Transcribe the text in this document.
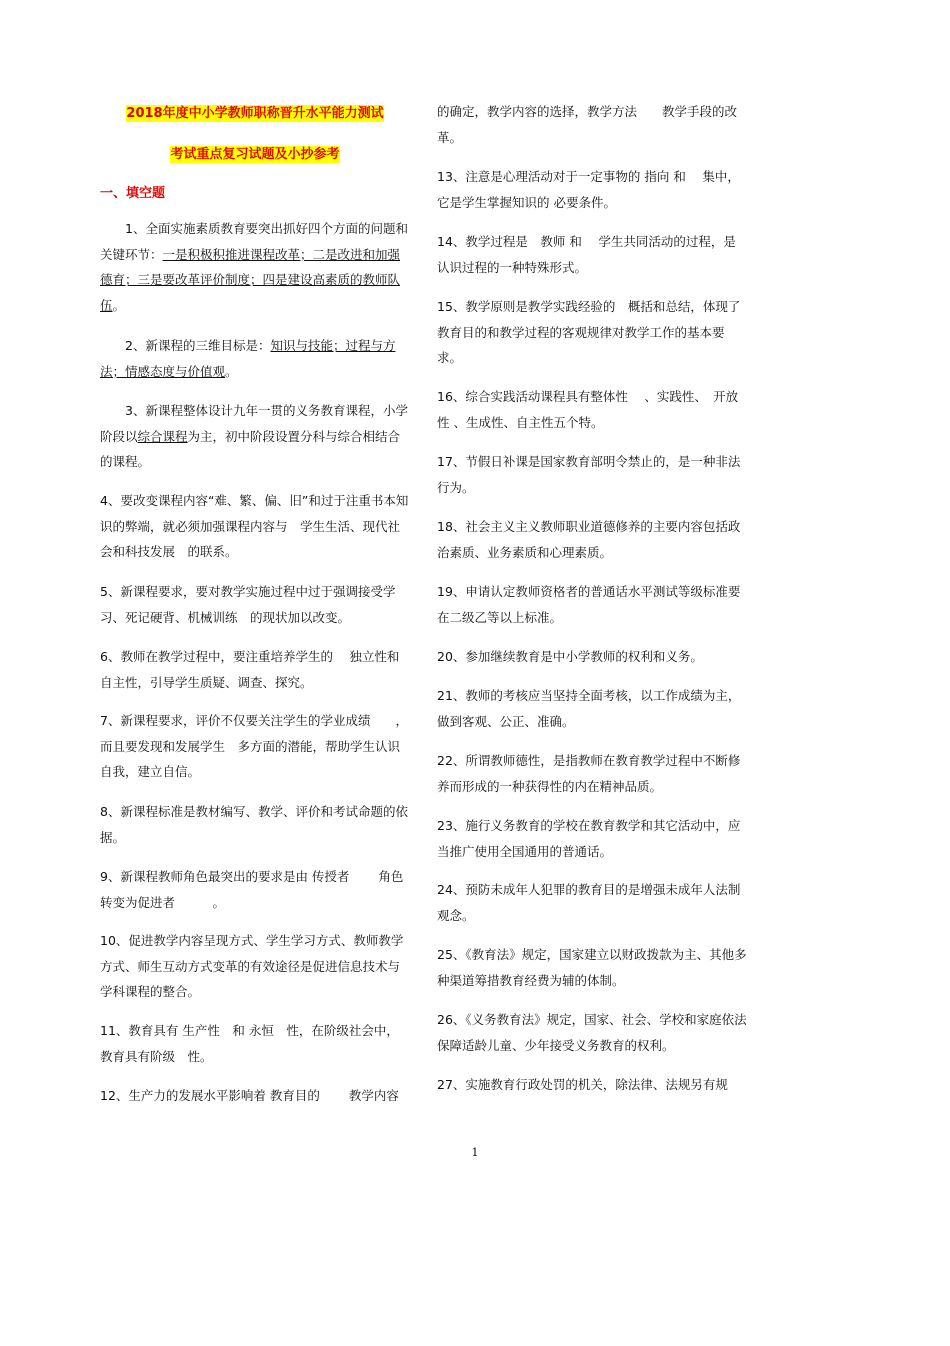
2018年度中小学教师职称晋升水平能力测试
考试重点复习试题及小抄参考
一、填空题

1、全面实施素质教育要突出抓好四个方面的问题和关键环节：一是积极积推进课程改革；二是改进和加强德育；三是要改革评价制度；四是建设高素质的教师队伍。

2、新课程的三维目标是：知识与技能；过程与方法；情感态度与价值观。

3、新课程整体设计九年一贯的义务教育课程，小学阶段以综合课程为主，初中阶段设置分科与综合相结合的课程。

4、要改变课程内容“难、繁、偏、旧”和过于注重书本知识的弊端，就必须加强课程内容与　学生生活、现代社会和科技发展　的联系。

5、新课程要求，要对教学实施过程中过于强调接受学习、死记硬背、机械训练　的现状加以改变。

6、教师在教学过程中，要注重培养学生的　 独立性和自主性，引导学生质疑、调查、探究。

7、新课程要求，评价不仅要关注学生的学业成绩　　，而且要发现和发展学生　多方面的潜能，帮助学生认识自我，建立自信。

8、新课程标准是教材编写、教学、评价和考试命题的依据。

9、新课程教师角色最突出的要求是由 传授者　　 角色转变为促进者　　　。

10、促进教学内容呈现方式、学生学习方式、教师教学方式、师生互动方式变革的有效途径是促进信息技术与学科课程的整合。

11、教育具有 生产性　和 永恒　性，在阶级社会中，教育具有阶级　性。

12、生产力的发展水平影响着 教育目的　　 教学内容

的确定，教学内容的选择，教学方法　　教学手段的改革。

13、注意是心理活动对于一定事物的 指向 和　 集中，它是学生掌握知识的 必要条件。

14、教学过程是　教师 和　 学生共同活动的过程，是认识过程的一种特殊形式。

15、教学原则是教学实践经验的　概括和总结，体现了教育目的和教学过程的客观规律对教学工作的基本要求。

16、综合实践活动课程具有整体性　 、实践性、　开放性 、生成性、自主性五个特。

17、节假日补课是国家教育部明令禁止的，是一种非法行为。

18、社会主义主义教师职业道德修养的主要内容包括政治素质、业务素质和心理素质。

19、申请认定教师资格者的普通话水平测试等级标准要在二级乙等以上标准。

20、参加继续教育是中小学教师的权利和义务。

21、教师的考核应当坚持全面考核，以工作成绩为主，做到客观、公正、准确。

22、所谓教师德性，是指教师在教育教学过程中不断修养而形成的一种获得性的内在精神品质。

23、施行义务教育的学校在教育教学和其它活动中，应当推广使用全国通用的普通话。

24、预防未成年人犯罪的教育目的是增强未成年人法制观念。

25、《教育法》规定，国家建立以财政拨款为主、其他多种渠道筹措教育经费为辅的体制。

26、《义务教育法》规定，国家、社会、学校和家庭依法保障适龄儿童、少年接受义务教育的权利。

27、实施教育行政处罚的机关，除法律、法规另有规

1
